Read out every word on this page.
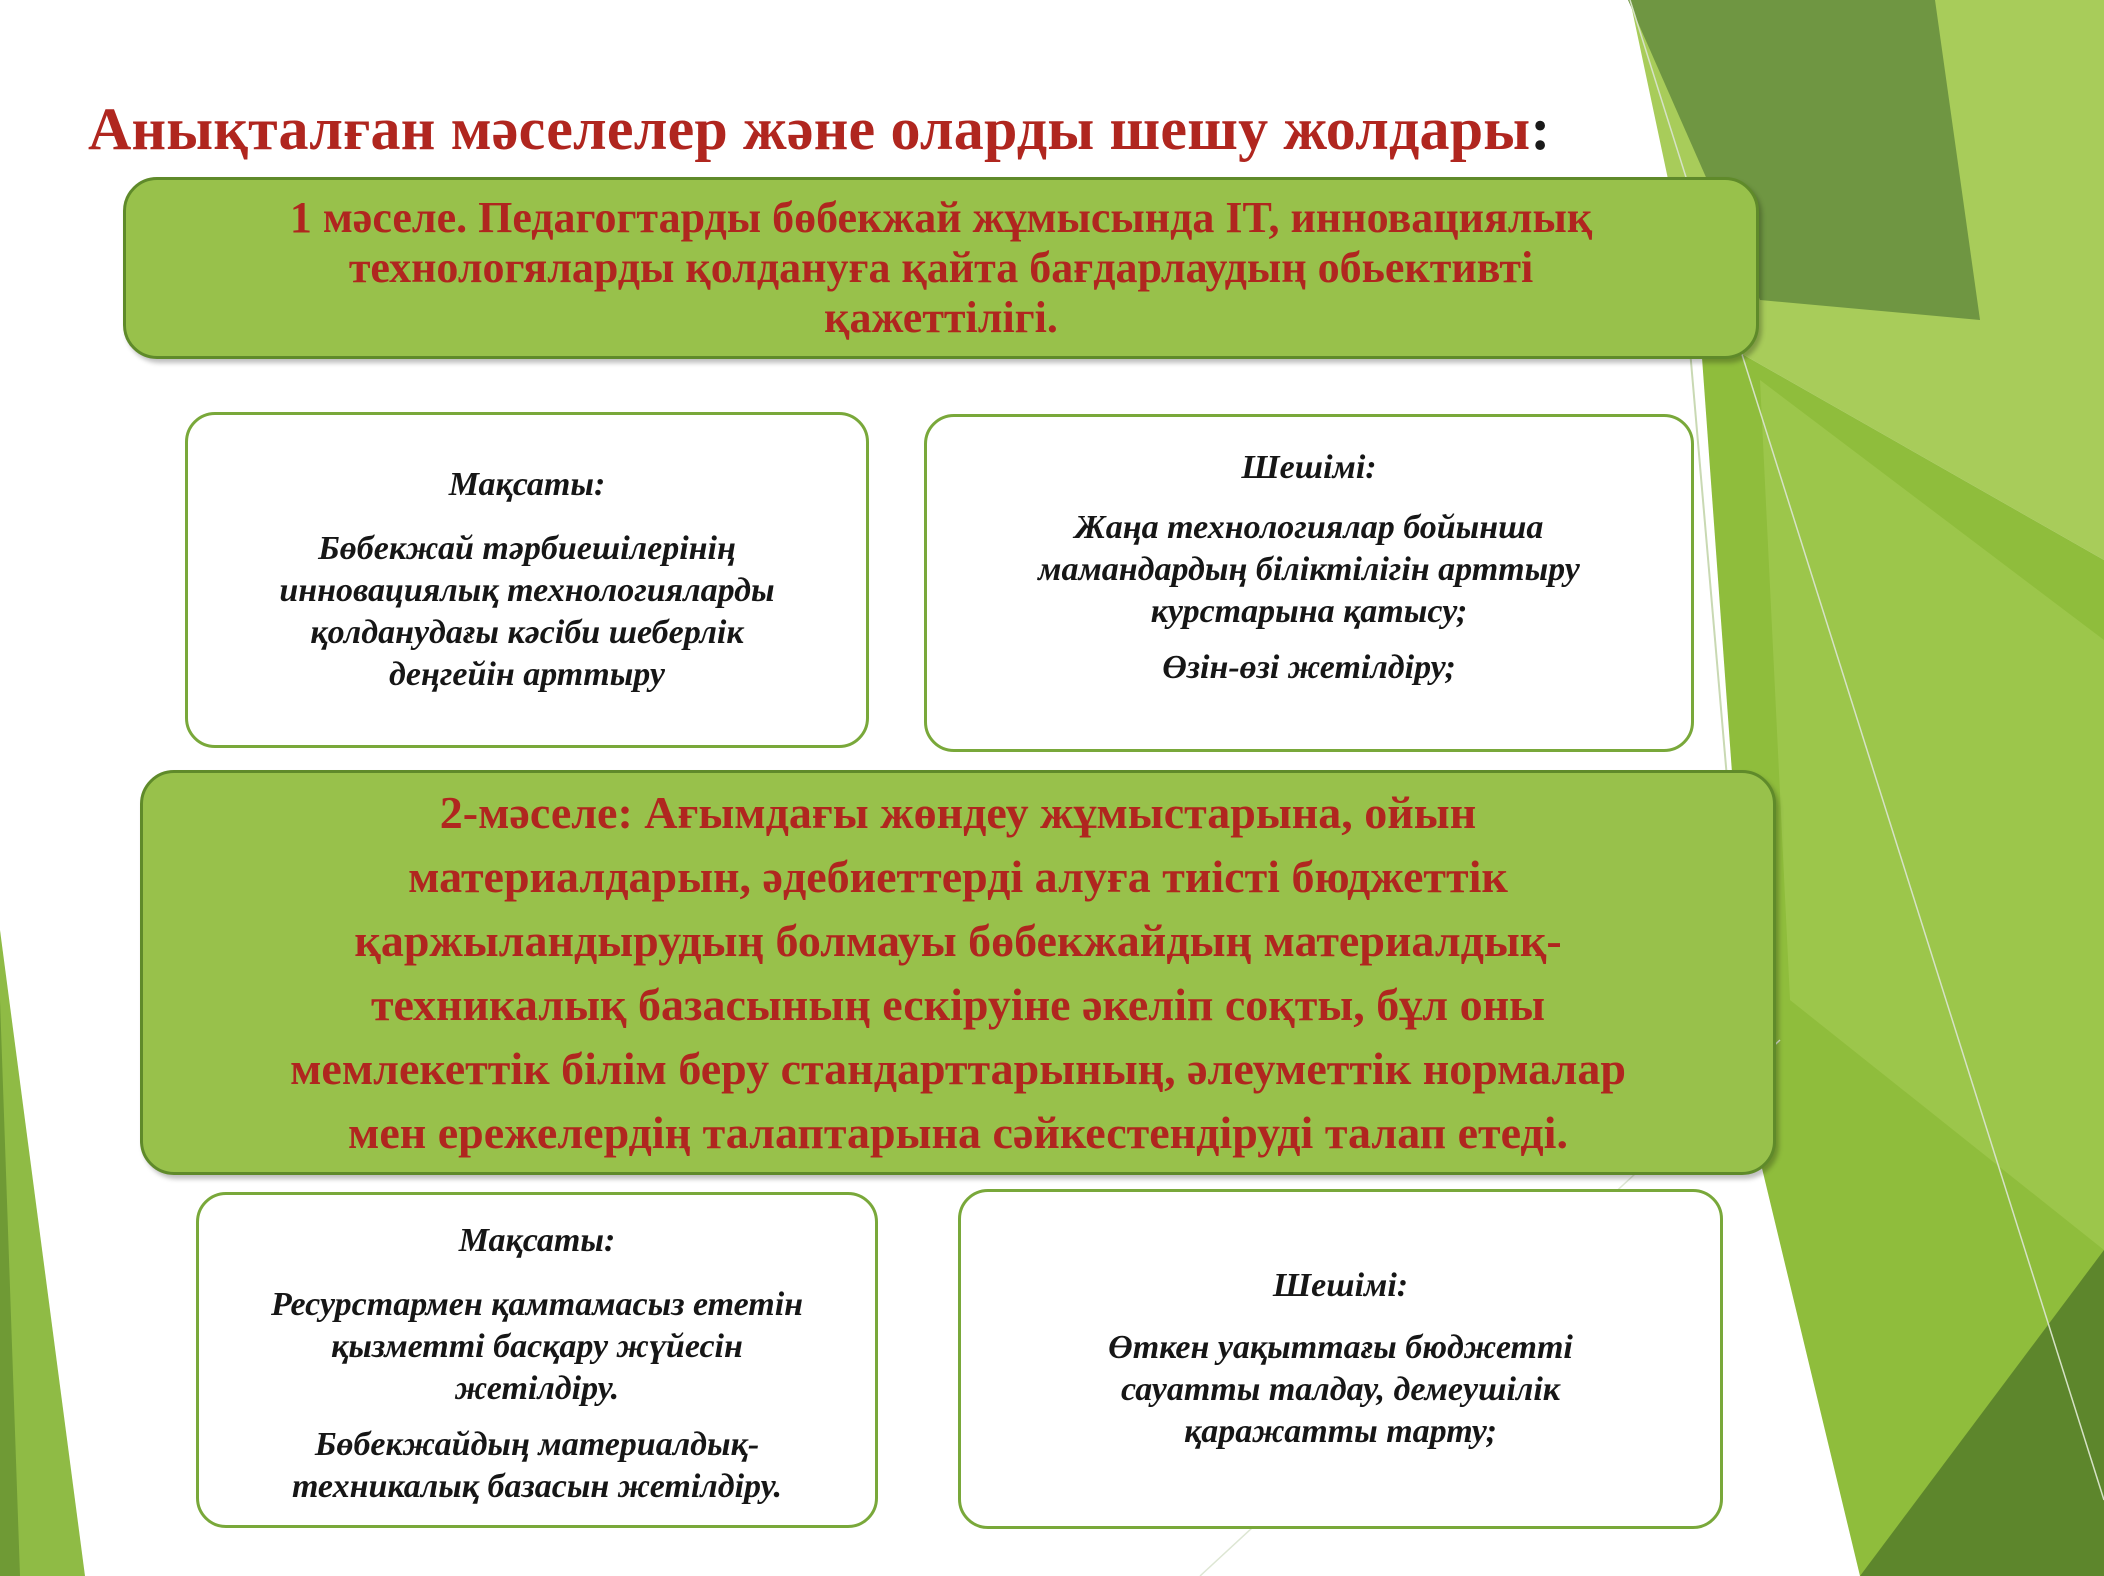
Анықталған мәселелер және оларды шешу жолдары:
1 мәселе. Педагогтарды бөбекжай жұмысында IT, инновациялық
технологяларды қолдануға қайта бағдарлаудың обьективті
қажеттілігі.

Мақсаты:

Бөбекжай тәрбиешілерінің
инновациялық технологияларды
қолданудағы кәсіби шеберлік
деңгейін арттыру

Шешімі:

Жаңа технологиялар бойынша
мамандардың біліктілігін арттыру
курстарына қатысу;

Өзін-өзі жетілдіру;

2-мәселе: Ағымдағы жөндеу жұмыстарына, ойын
материалдарын, әдебиеттерді алуға тиісті бюджеттік
қаржыландырудың болмауы бөбекжайдың материалдық-
техникалық базасының ескіруіне әкеліп соқты, бұл оны
мемлекеттік білім беру стандарттарының, әлеуметтік нормалар
мен ережелердің талаптарына сәйкестендіруді талап етеді.

Мақсаты:

Ресурстармен қамтамасыз ететін
қызметті басқару жүйесін
жетілдіру.

Бөбекжайдың материалдық-
техникалық базасын жетілдіру.

Шешімі:

Өткен уақыттағы бюджетті
сауатты талдау, демеушілік
қаражатты тарту;
